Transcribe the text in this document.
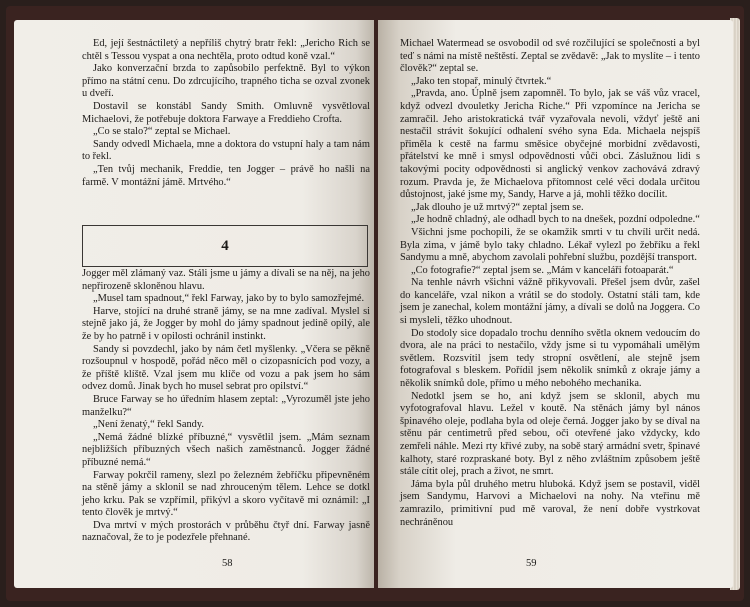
Ed, její šestnáctiletý a nepříliš chytrý bratr řekl: „Jericho Rich se chtěl s Tessou vyspat a ona nechtěla, proto odtud koně vzal.“

Jako konverzační brzda to zapůsobilo perfektně. Byl to výkon přímo na státní cenu. Do zdrcujícího, trapného ticha se ozval zvonek u dveří.

Dostavil se konstábl Sandy Smith. Omluvně vysvětloval Michaelovi, že potřebuje doktora Farwaye a Freddieho Crofta.

„Co se stalo?“ zeptal se Michael.

Sandy odvedl Michaela, mne a doktora do vstupní haly a tam nám to řekl.

„Ten tvůj mechanik, Freddie, ten Jogger – právě ho našli na farmě. V montážní jámě. Mrtvého.“

4

Jogger měl zlámaný vaz. Stáli jsme u jámy a dívali se na něj, na jeho nepřirozeně skloněnou hlavu.

„Musel tam spadnout,“ řekl Farway, jako by to bylo samozřejmé.

Harve, stojící na druhé straně jámy, se na mne zadíval. Myslel si stejně jako já, že Jogger by mohl do jámy spadnout jedině opilý, ale že by ho patrně i v opilosti ochránil instinkt.

Sandy si povzdechl, jako by nám četl myšlenky. „Včera se pěkně rozšoupnul v hospodě, pořád něco měl o cizopasnících pod vozy, a že příště klíště. Vzal jsem mu klíče od vozu a pak jsem ho sám odvez domů. Jinak bych ho musel sebrat pro opilství.“

Bruce Farway se ho úředním hlasem zeptal: „Vyrozuměl jste jeho manželku?“

„Není ženatý,“ řekl Sandy.

„Nemá žádné blízké příbuzné,“ vysvětlil jsem. „Mám seznam nejbližších příbuzných všech našich zaměstnanců. Jogger žádné příbuzné nemá.“

Farway pokrčil rameny, slezl po železném žebříčku připevněném na stěně jámy a sklonil se nad zhrouceným tělem. Lehce se dotkl jeho krku. Pak se vzpřímil, přikývl a skoro vyčítavě mi oznámil: „I tento člověk je mrtvý.“

Dva mrtví v mých prostorách v průběhu čtyř dní. Farway jasně naznačoval, že to je podezřele přehnané.

58

Michael Watermead se osvobodil od své rozčilující se společnosti a byl teď s námi na místě neštěstí. Zeptal se zvědavě: „Jak to myslíte – i tento člověk?“ zeptal se.

„Jako ten stopař, minulý čtvrtek.“

„Pravda, ano. Úplně jsem zapomněl. To bylo, jak se váš vůz vracel, když odvezl dvouletky Jericha Riche.“ Při vzpomínce na Jericha se zamračil. Jeho aristokratická tvář vyzařovala nevoli, vždyť ještě ani nestačil strávit šokující odhalení svého syna Eda. Michaela nejspíš přiměla k cestě na farmu směsice obyčejné morbidní zvědavosti, přátelství ke mně i smysl odpovědnosti vůči obci. Záslužnou lidi s takovými pocity odpovědnosti si anglický venkov zachovává zdravý rozum. Pravda je, že Michaelova přítomnost celé věci dodala určitou důstojnost, jaké jsme my, Sandy, Harve a já, mohli těžko docílit.

„Jak dlouho je už mrtvý?“ zeptal jsem se.

„Je hodně chladný, ale odhadl bych to na dnešek, pozdní odpoledne.“

Všichni jsme pochopili, že se okamžik smrti v tu chvíli určit nedá. Byla zima, v jámě bylo taky chladno. Lékař vylezl po žebříku a řekl Sandymu a mně, abychom zavolali pohřební službu, pozdější transport.

„Co fotografie?“ zeptal jsem se. „Mám v kanceláři fotoaparát.“

Na tenhle návrh všichni vážně přikyvovali. Přešel jsem dvůr, zašel do kanceláře, vzal nikon a vrátil se do stodoly. Ostatní stáli tam, kde jsem je zanechal, kolem montážní jámy, a dívali se dolů na Joggera. Co si mysleli, těžko uhodnout.

Do stodoly sice dopadalo trochu denního světla oknem vedoucím do dvora, ale na práci to nestačilo, vždy jsme si tu vypomáhali umělým světlem. Rozsvítil jsem tedy stropní osvětlení, ale stejně jsem fotografoval s bleskem. Pořídil jsem několik snímků z okraje jámy a několik snímků dole, přímo u mého nebohého mechanika.

Nedotkl jsem se ho, ani když jsem se sklonil, abych mu vyfotografoval hlavu. Ležel v koutě. Na stěnách jámy byl nános špinavého oleje, podlaha byla od oleje černá. Jogger jako by se díval na stěnu pár centimetrů před sebou, oči otevřené jako vždycky, kdo zemřeli náhle. Mezi rty křivé zuby, na sobě starý armádní svetr, špinavé kalhoty, staré rozpraskané boty. Byl z něho zvláštním způsobem ještě stále cítit olej, prach a život, ne smrt.

Jáma byla půl druhého metru hluboká. Když jsem se postavil, viděl jsem Sandymu, Harvovi a Michaelovi na nohy. Na vteřinu mě zamrazilo, primitivní pud mě varoval, že není dobře vystrkovat nechráněnou

59
